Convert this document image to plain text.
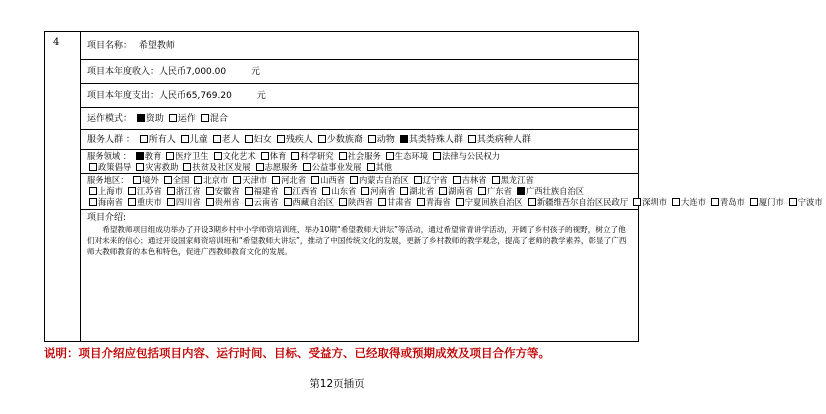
4	项目名称： 希望教师
项目本年度收入：人民币7,000.00	元
项目本年度支出：人民币65,769.20	元
运作模式： 资助 运作 混合
服务人群 ： 所有人 儿童 老人 妇女 残疾人 少数族裔 动物 其类特殊人群 其类病种人群
服务领域 ： 教育 医疗卫生 文化艺术 体育 科学研究 社会服务 生态环境 法律与公民权力
政策倡导 灾害救助 扶贫及社区发展 志愿服务 公益事业发展 其他
服务地区： 境外 全国 北京市 天津市 河北省 山西省 内蒙古自治区 辽宁省 吉林省 黑龙江省
上海市 江苏省 浙江省 安徽省 福建省 江西省 山东省 河南省 湖北省 湖南省 广东省 广西壮族自治区
海南省 重庆市 四川省 贵州省 云南省 西藏自治区 陕西省 甘肃省 青海省 宁夏回族自治区 新疆维吾尔自治区民政厅 深圳市 大连市 青岛市 厦门市 宁波市
项目介绍:
希望教师项目组成功举办了开设3期乡村中小学师资培训班、举办10期“希望教师大讲坛”等活动，通过希望常青讲学活动，开阔了乡村孩子的视野，树立了他们对未来的信心；通过开设国家师资培训班和“希望教师大讲坛”，推动了中国传统文化的发展，更新了乡村教师的教学观念，提高了老师的教学素养，彰显了广西师大教师教育的本色和特色，促进广西教师教育文化的发展。
说明：项目介绍应包括项目内容、运行时间、目标、受益方、已经取得或预期成效及项目合作方等。
第12页插页
